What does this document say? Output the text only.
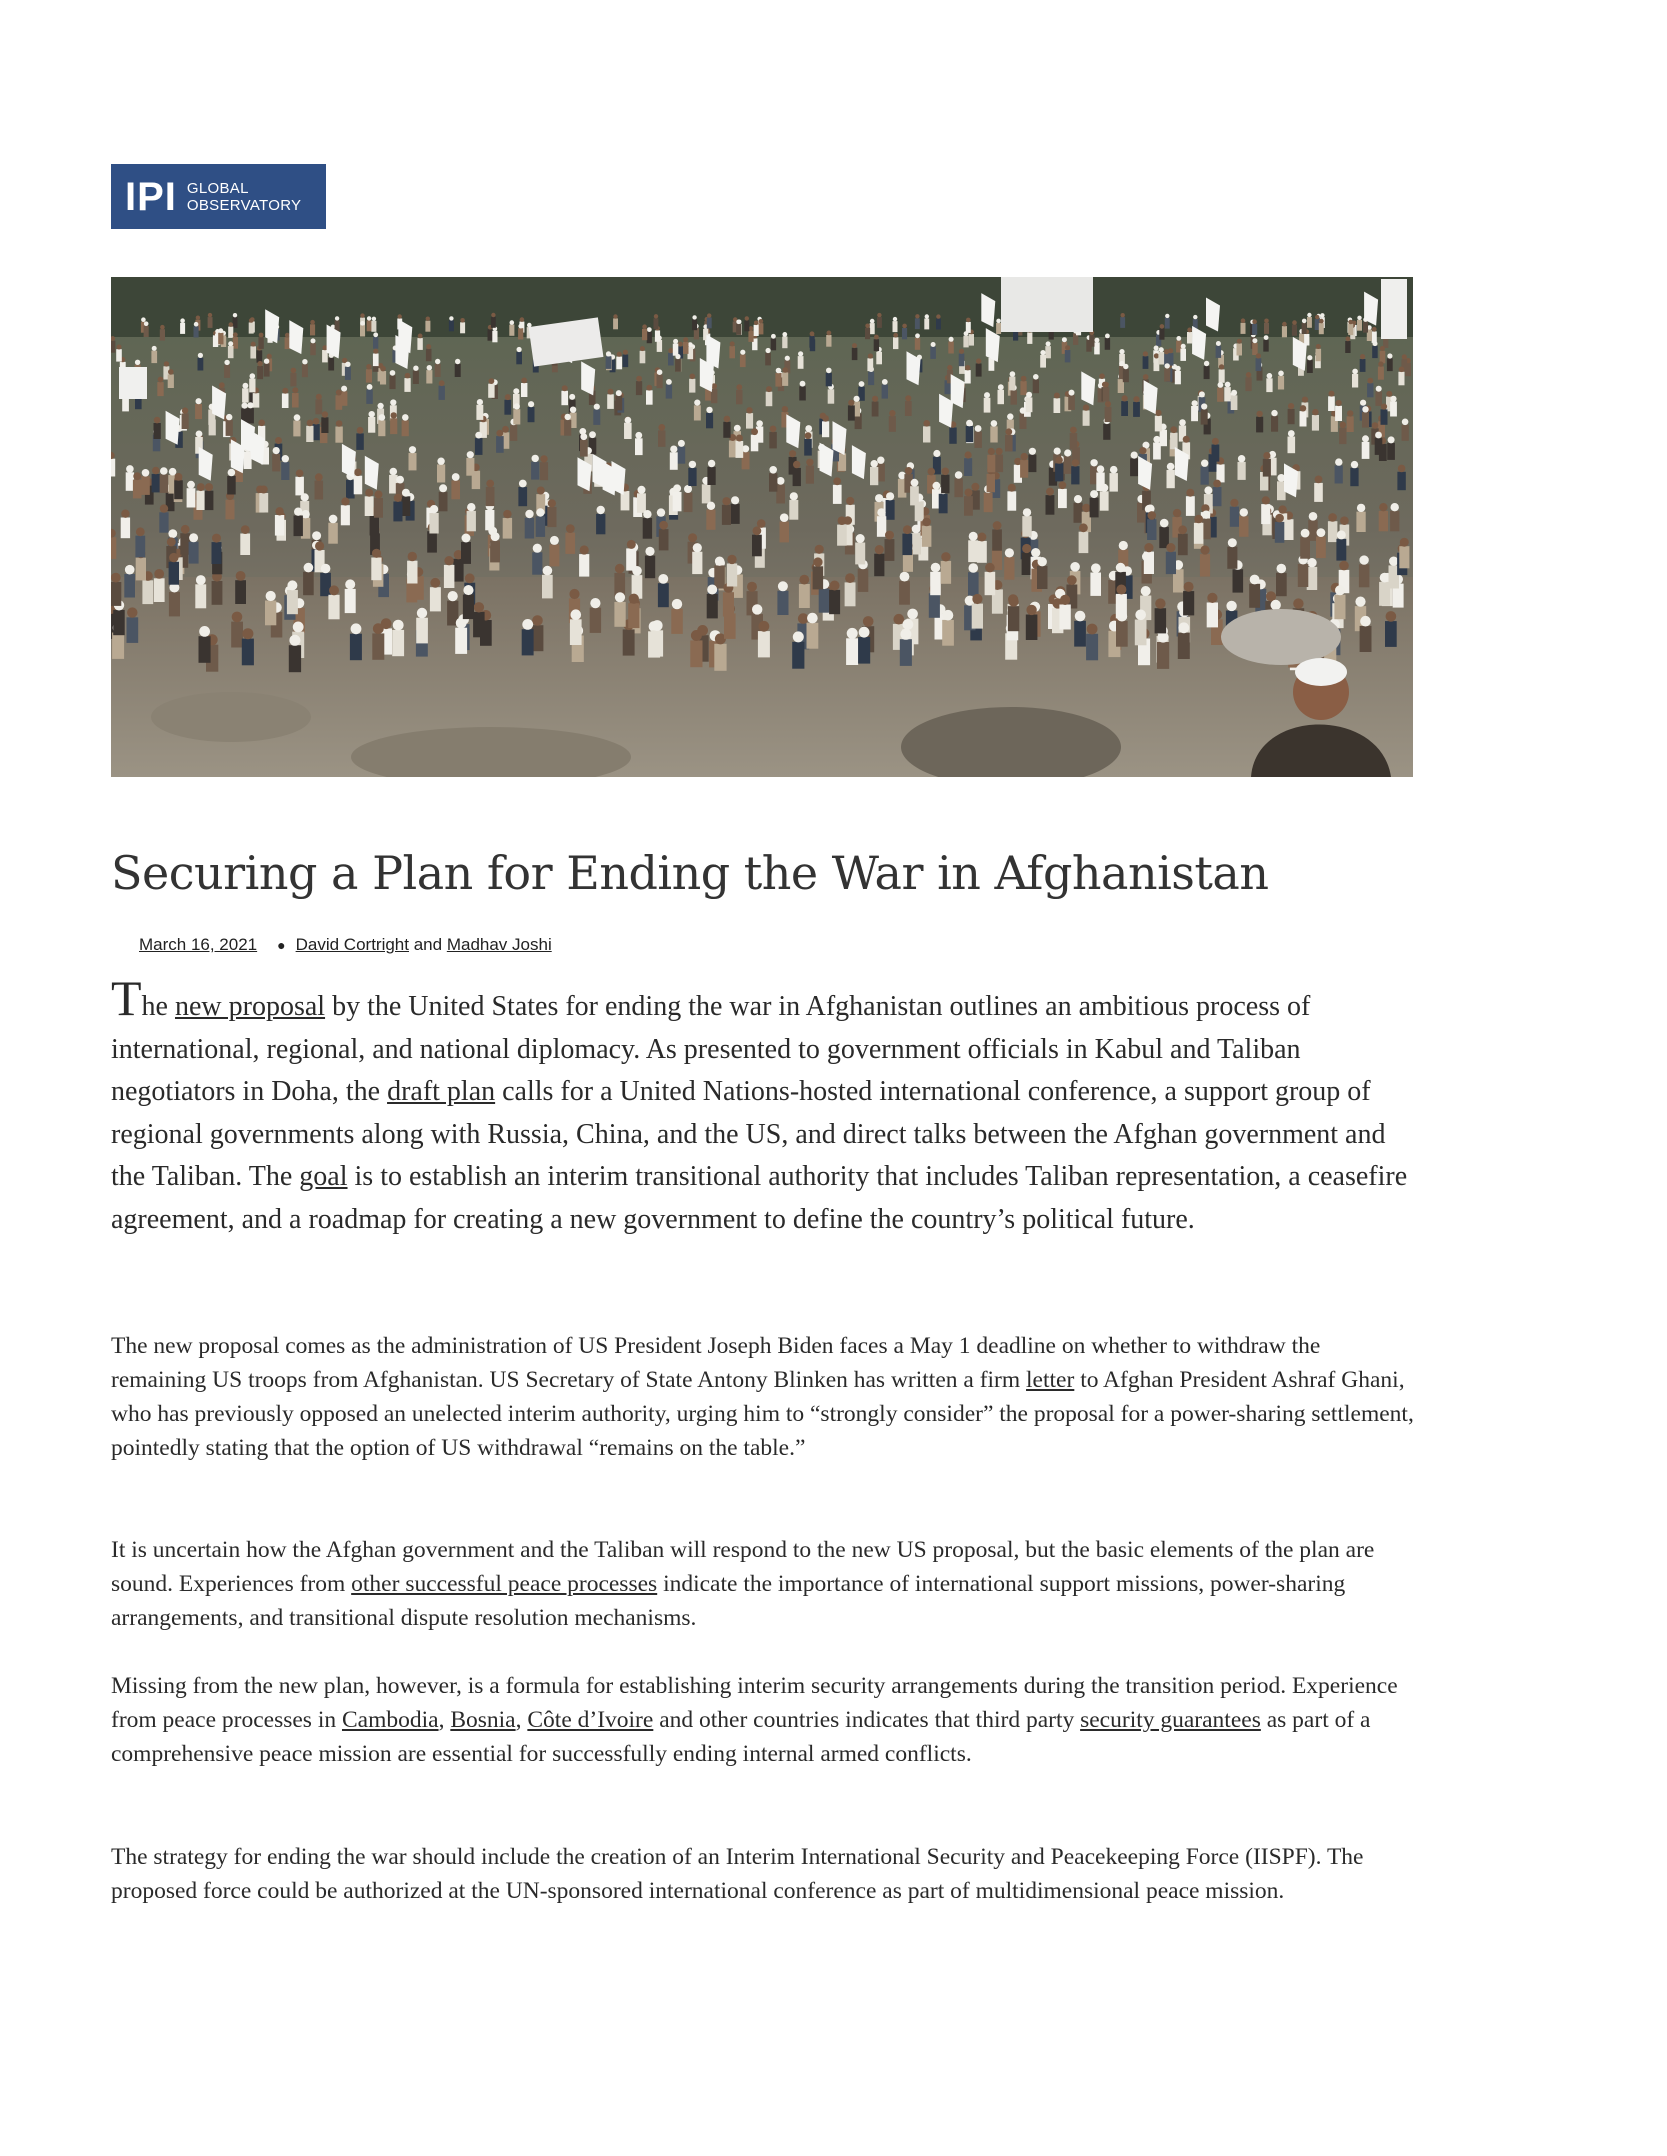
IPI GLOBAL
OBSERVATORY
Securing a Plan for Ending the War in Afghanistan
March 16, 2021 ● David Cortright and Madhav Joshi

The new proposal by the United States for ending the war in Afghanistan outlines an ambitious process of international, regional, and national diplomacy. As presented to government officials in Kabul and Taliban negotiators in Doha, the draft plan calls for a United Nations-hosted international conference, a support group of regional governments along with Russia, China, and the US, and direct talks between the Afghan government and the Taliban. The goal is to establish an interim transitional authority that includes Taliban representation, a ceasefire agreement, and a roadmap for creating a new government to define the country’s political future.

The new proposal comes as the administration of US President Joseph Biden faces a May 1 deadline on whether to withdraw the remaining US troops from Afghanistan. US Secretary of State Antony Blinken has written a firm letter to Afghan President Ashraf Ghani, who has previously opposed an unelected interim authority, urging him to “strongly consider” the proposal for a power-sharing settlement, pointedly stating that the option of US withdrawal “remains on the table.”

It is uncertain how the Afghan government and the Taliban will respond to the new US proposal, but the basic elements of the plan are sound. Experiences from other successful peace processes indicate the importance of international support missions, power-sharing arrangements, and transitional dispute resolution mechanisms.

Missing from the new plan, however, is a formula for establishing interim security arrangements during the transition period. Experience from peace processes in Cambodia, Bosnia, Côte d’Ivoire and other countries indicates that third party security guarantees as part of a comprehensive peace mission are essential for successfully ending internal armed conflicts.

The strategy for ending the war should include the creation of an Interim International Security and Peacekeeping Force (IISPF). The proposed force could be authorized at the UN-sponsored international conference as part of multidimensional peace mission.
